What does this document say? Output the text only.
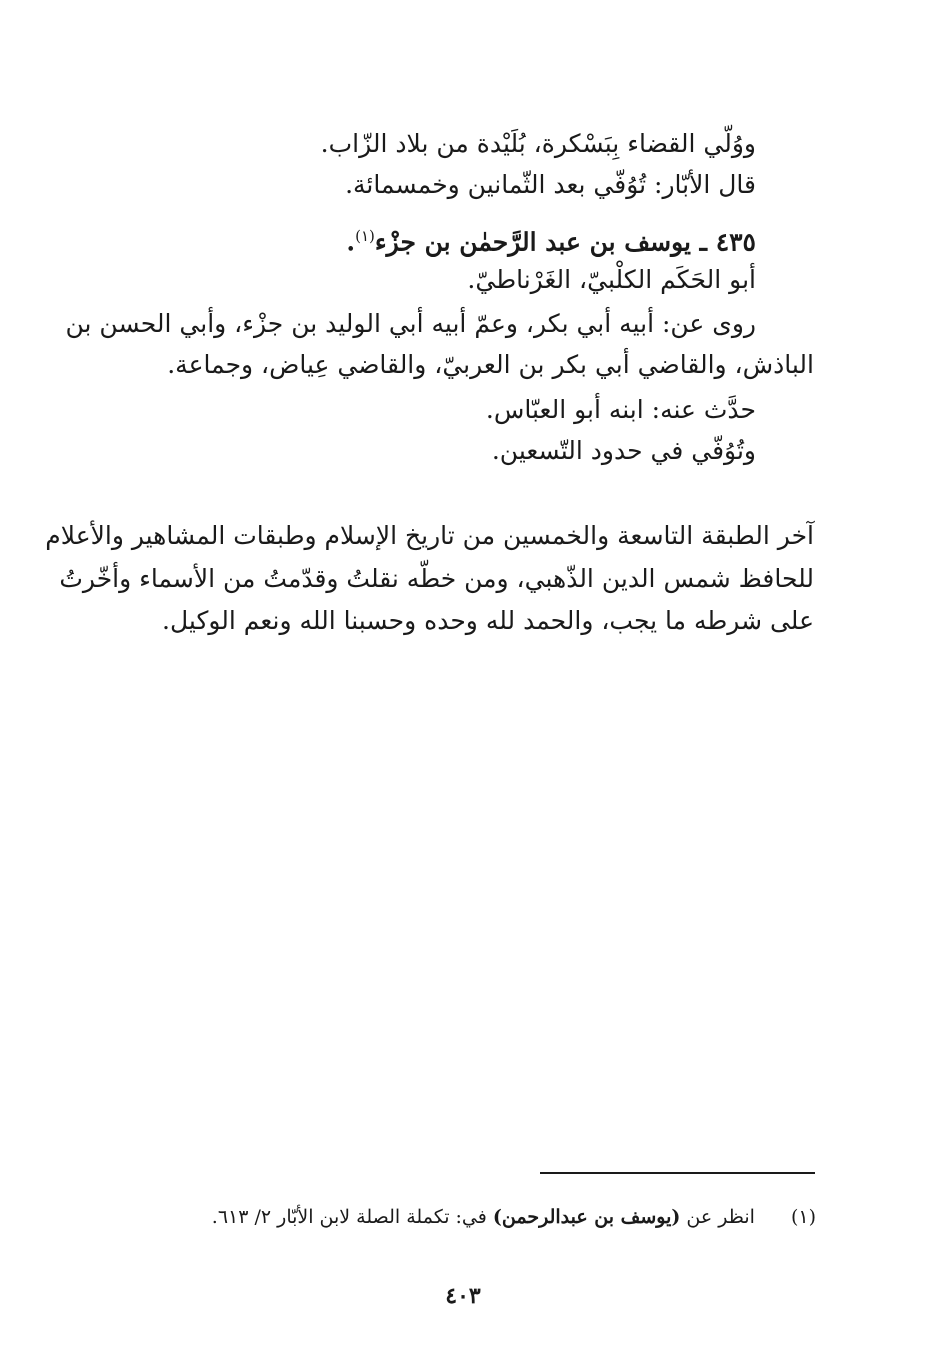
ووُلّي القضاء بِبَسْكرة، بُلَيْدة من بلاد الزّاب.
قال الأبّار: تُوُفّي بعد الثّمانين وخمسمائة.
٤٣٥ ـ يوسف بن عبد الرَّحمٰن بن جزْء$^{(١)}$.
أبو الحَكَم الكلْبيّ، الغَرْناطيّ.
روى عن: أبيه أبي بكر، وعمّ أبيه أبي الوليد بن جزْء، وأبي الحسن بن
الباذش، والقاضي أبي بكر بن العربيّ، والقاضي عِياض، وجماعة.
حدَّث عنه: ابنه أبو العبّاس.
وتُوُفّي في حدود التّسعين.
آخر الطبقة التاسعة والخمسين من تاريخ الإسلام وطبقات المشاهير والأعلام
للحافظ شمس الدين الذّهبي، ومن خطّه نقلتُ وقدّمتُ من الأسماء وأخّرتُ
على شرطه ما يجب، والحمد لله وحده وحسبنا الله ونعم الوكيل.
(١) انظر عن (يوسف بن عبدالرحمن) في: تكملة الصلة لابن الأبّار ٢/ ٦١٣.
٤٠٣
